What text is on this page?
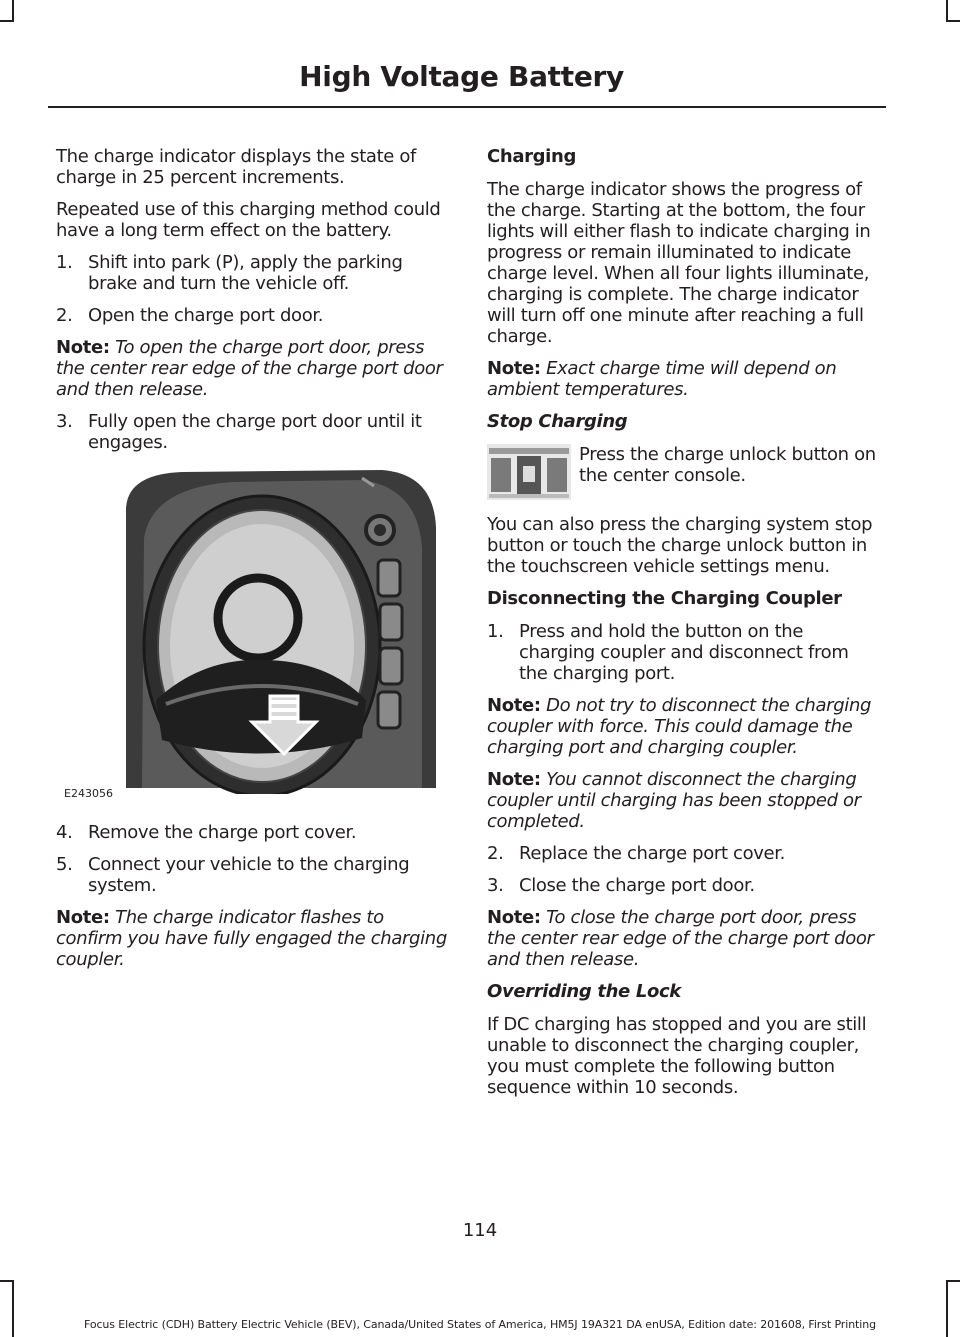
High Voltage Battery

The charge indicator displays the state of charge in 25 percent increments.

Repeated use of this charging method could have a long term effect on the battery.

1. Shift into park (P), apply the parking brake and turn the vehicle off.
2. Open the charge port door.

Note: To open the charge port door, press the center rear edge of the charge port door and then release.

3. Fully open the charge port door until it engages.
E243056
4. Remove the charge port cover.
5. Connect your vehicle to the charging system.

Note: The charge indicator flashes to confirm you have fully engaged the charging coupler.

Charging

The charge indicator shows the progress of the charge. Starting at the bottom, the four lights will either flash to indicate charging in progress or remain illuminated to indicate charge level. When all four lights illuminate, charging is complete. The charge indicator will turn off one minute after reaching a full charge.

Note: Exact charge time will depend on ambient temperatures.

Stop Charging
Press the charge unlock button on the center console.

You can also press the charging system stop button or touch the charge unlock button in the touchscreen vehicle settings menu.

Disconnecting the Charging Coupler
1. Press and hold the button on the charging coupler and disconnect from the charging port.

Note: Do not try to disconnect the charging coupler with force. This could damage the charging port and charging coupler.

Note: You cannot disconnect the charging coupler until charging has been stopped or completed.

2. Replace the charge port cover.
3. Close the charge port door.

Note: To close the charge port door, press the center rear edge of the charge port door and then release.

Overriding the Lock

If DC charging has stopped and you are still unable to disconnect the charging coupler, you must complete the following button sequence within 10 seconds.

114
Focus Electric (CDH) Battery Electric Vehicle (BEV), Canada/United States of America, HM5J 19A321 DA enUSA, Edition date: 201608, First Printing
